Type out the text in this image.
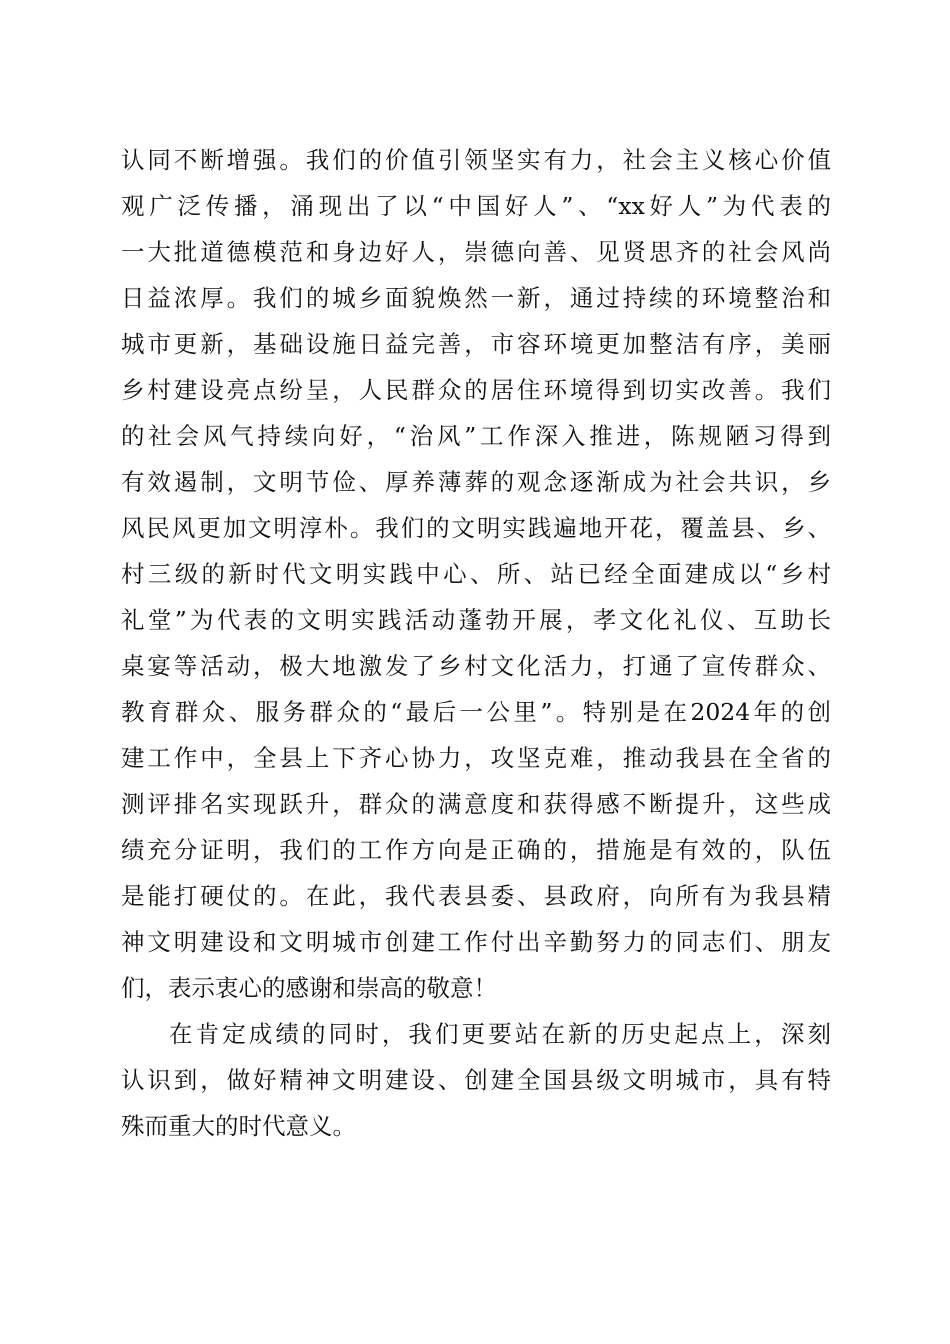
认同不断增强。我们的价值引领坚实有力，社会主义核心价值
观广泛传播，涌现出了以“中国好人”、“xx好人”为代表的
一大批道德模范和身边好人，崇德向善、见贤思齐的社会风尚
日益浓厚。我们的城乡面貌焕然一新，通过持续的环境整治和
城市更新，基础设施日益完善，市容环境更加整洁有序，美丽
乡村建设亮点纷呈，人民群众的居住环境得到切实改善。我们
的社会风气持续向好，“治风”工作深入推进，陈规陋习得到
有效遏制，文明节俭、厚养薄葬的观念逐渐成为社会共识，乡
风民风更加文明淳朴。我们的文明实践遍地开花，覆盖县、乡、
村三级的新时代文明实践中心、所、站已经全面建成以“乡村
礼堂”为代表的文明实践活动蓬勃开展，孝文化礼仪、互助长
桌宴等活动，极大地激发了乡村文化活力，打通了宣传群众、
教育群众、服务群众的“最后一公里”。特别是在2024年的创
建工作中，全县上下齐心协力，攻坚克难，推动我县在全省的
测评排名实现跃升，群众的满意度和获得感不断提升，这些成
绩充分证明，我们的工作方向是正确的，措施是有效的，队伍
是能打硬仗的。在此，我代表县委、县政府，向所有为我县精
神文明建设和文明城市创建工作付出辛勤努力的同志们、朋友
们，表示衷心的感谢和崇高的敬意！
在肯定成绩的同时，我们更要站在新的历史起点上，深刻
认识到，做好精神文明建设、创建全国县级文明城市，具有特
殊而重大的时代意义。
